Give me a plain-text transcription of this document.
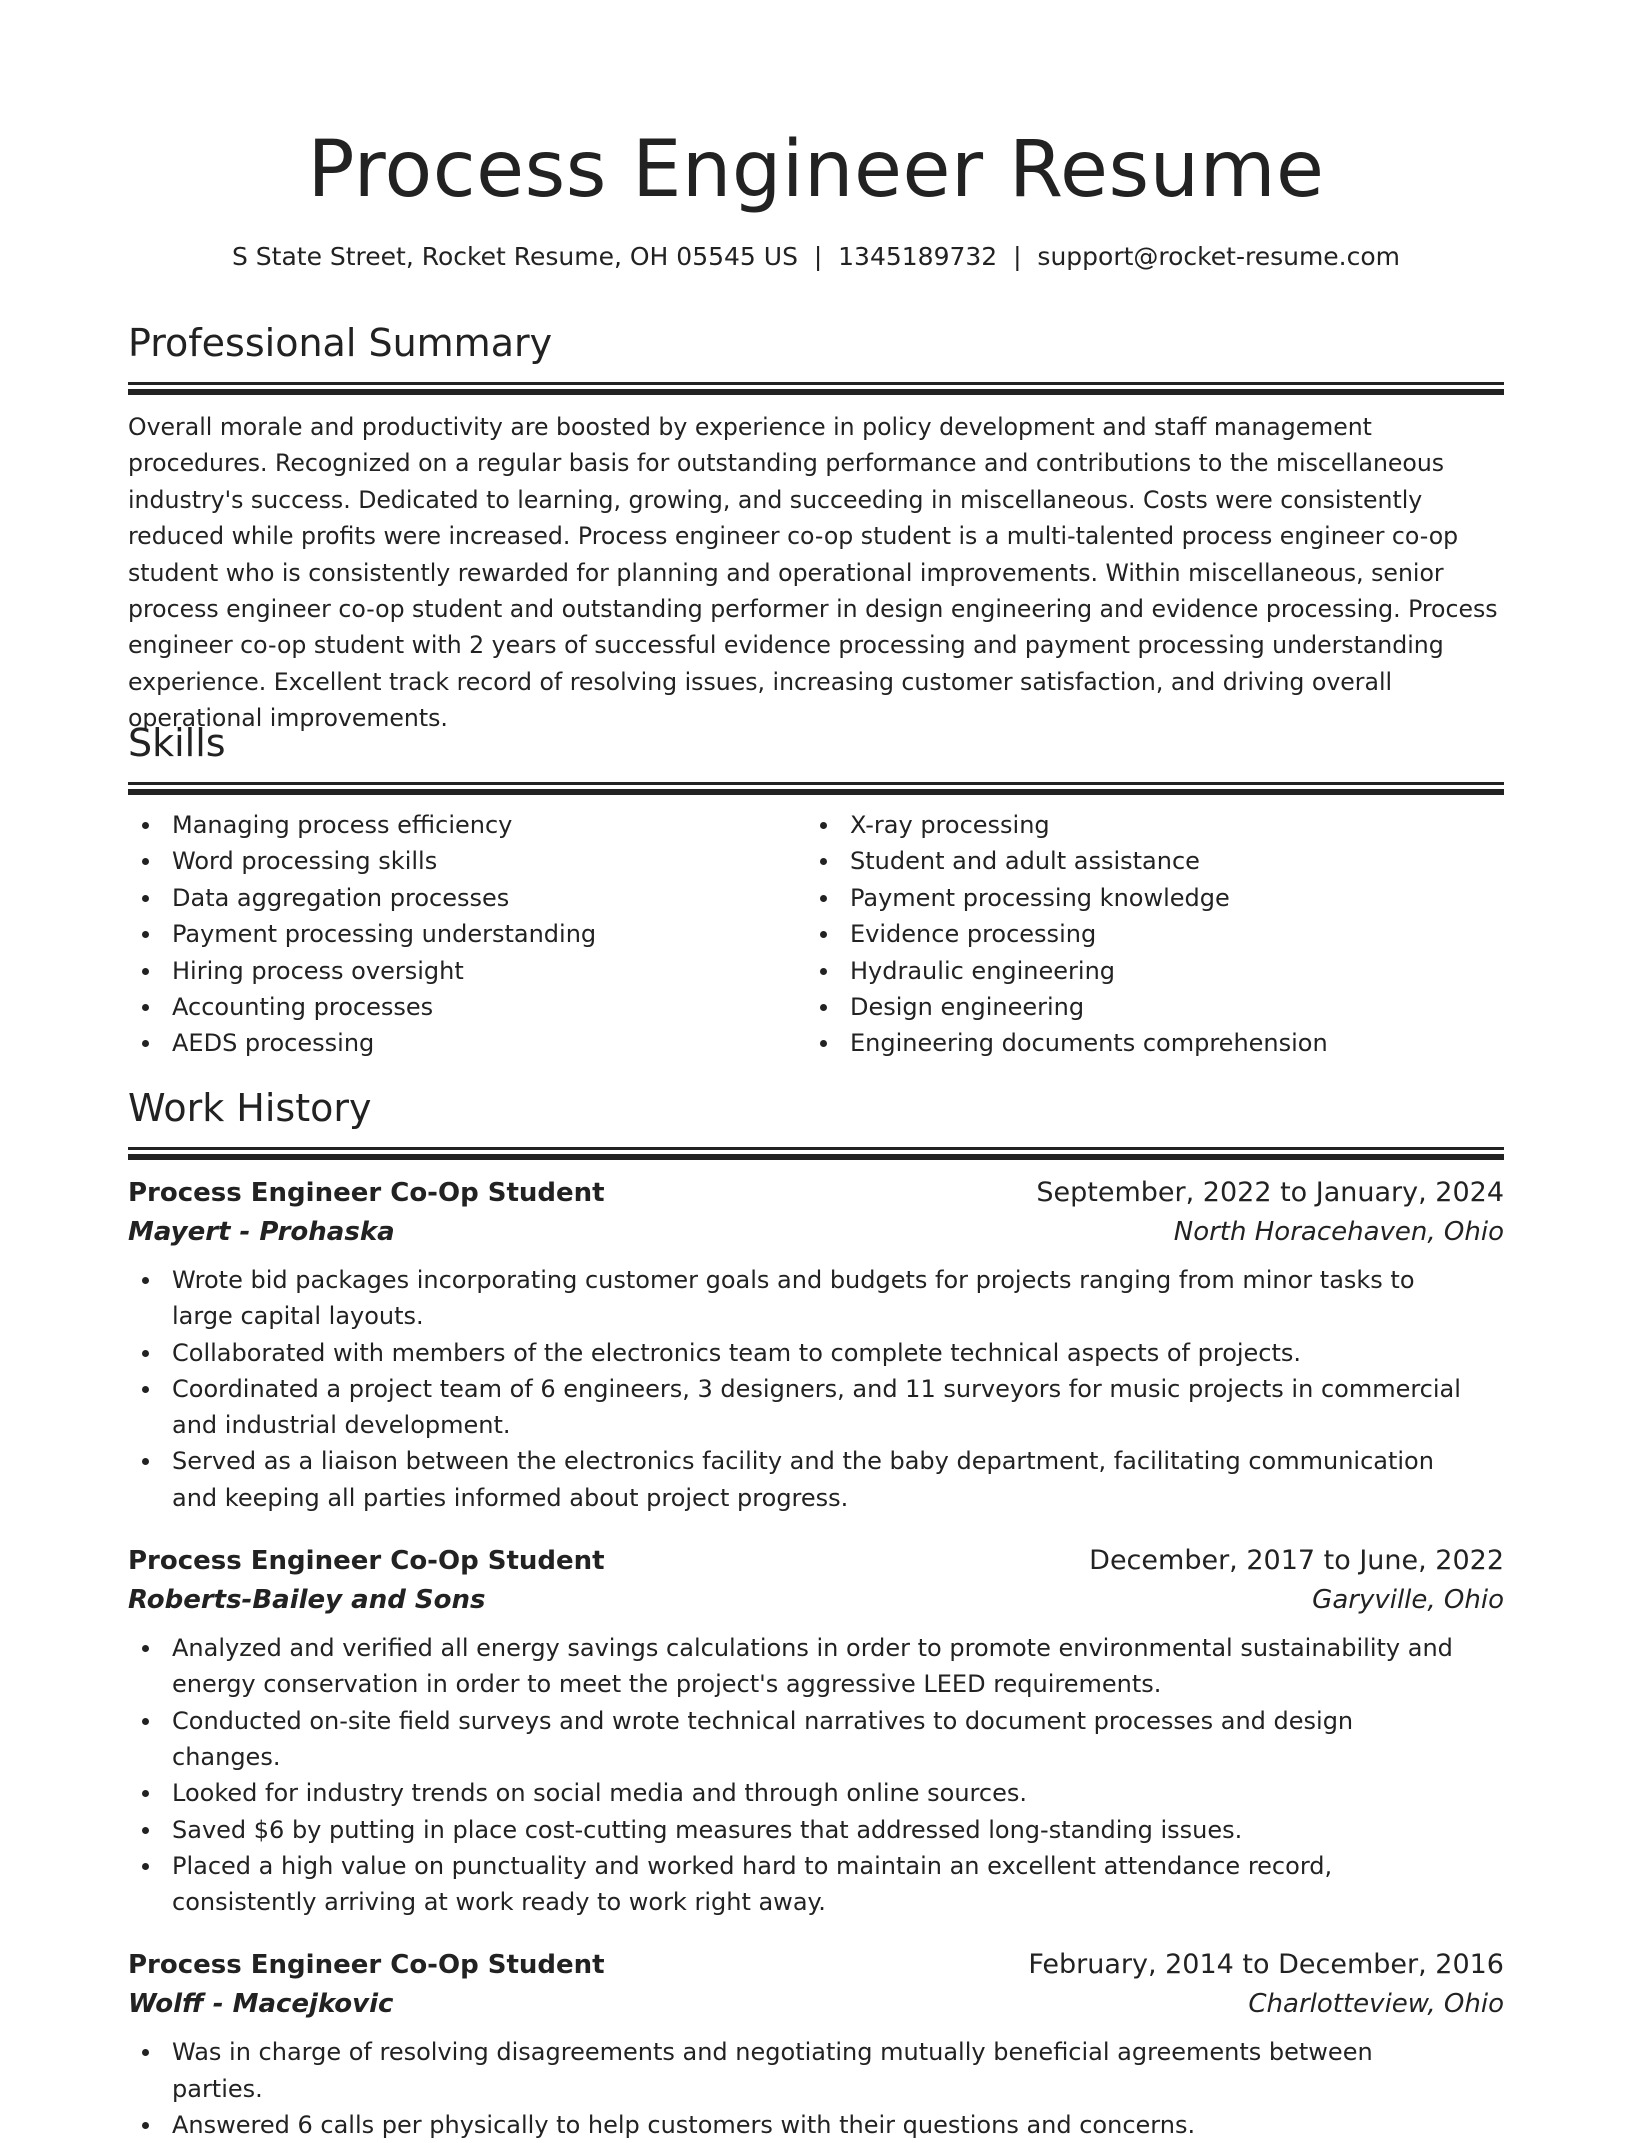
Process Engineer Resume
S State Street, Rocket Resume, OH 05545 US  |  1345189732  |  support@rocket-resume.com
Professional Summary
Overall morale and productivity are boosted by experience in policy development and staff management procedures. Recognized on a regular basis for outstanding performance and contributions to the miscellaneous industry's success. Dedicated to learning, growing, and succeeding in miscellaneous. Costs were consistently reduced while profits were increased. Process engineer co-op student is a multi-talented process engineer co-op student who is consistently rewarded for planning and operational improvements. Within miscellaneous, senior process engineer co-op student and outstanding performer in design engineering and evidence processing. Process engineer co-op student with 2 years of successful evidence processing and payment processing understanding experience. Excellent track record of resolving issues, increasing customer satisfaction, and driving overall operational improvements.
Skills
Managing process efficiency
Word processing skills
Data aggregation processes
Payment processing understanding
Hiring process oversight
Accounting processes
AEDS processing
X-ray processing
Student and adult assistance
Payment processing knowledge
Evidence processing
Hydraulic engineering
Design engineering
Engineering documents comprehension
Work History
Process Engineer Co-Op Student	September, 2022 to January, 2024
Mayert - Prohaska	North Horacehaven, Ohio
Wrote bid packages incorporating customer goals and budgets for projects ranging from minor tasks to large capital layouts.
Collaborated with members of the electronics team to complete technical aspects of projects.
Coordinated a project team of 6 engineers, 3 designers, and 11 surveyors for music projects in commercial and industrial development.
Served as a liaison between the electronics facility and the baby department, facilitating communication and keeping all parties informed about project progress.
Process Engineer Co-Op Student	December, 2017 to June, 2022
Roberts-Bailey and Sons	Garyville, Ohio
Analyzed and verified all energy savings calculations in order to promote environmental sustainability and energy conservation in order to meet the project's aggressive LEED requirements.
Conducted on-site field surveys and wrote technical narratives to document processes and design changes.
Looked for industry trends on social media and through online sources.
Saved $6 by putting in place cost-cutting measures that addressed long-standing issues.
Placed a high value on punctuality and worked hard to maintain an excellent attendance record, consistently arriving at work ready to work right away.
Process Engineer Co-Op Student	February, 2014 to December, 2016
Wolff - Macejkovic	Charlotteview, Ohio
Was in charge of resolving disagreements and negotiating mutually beneficial agreements between parties.
Answered 6 calls per physically to help customers with their questions and concerns.
